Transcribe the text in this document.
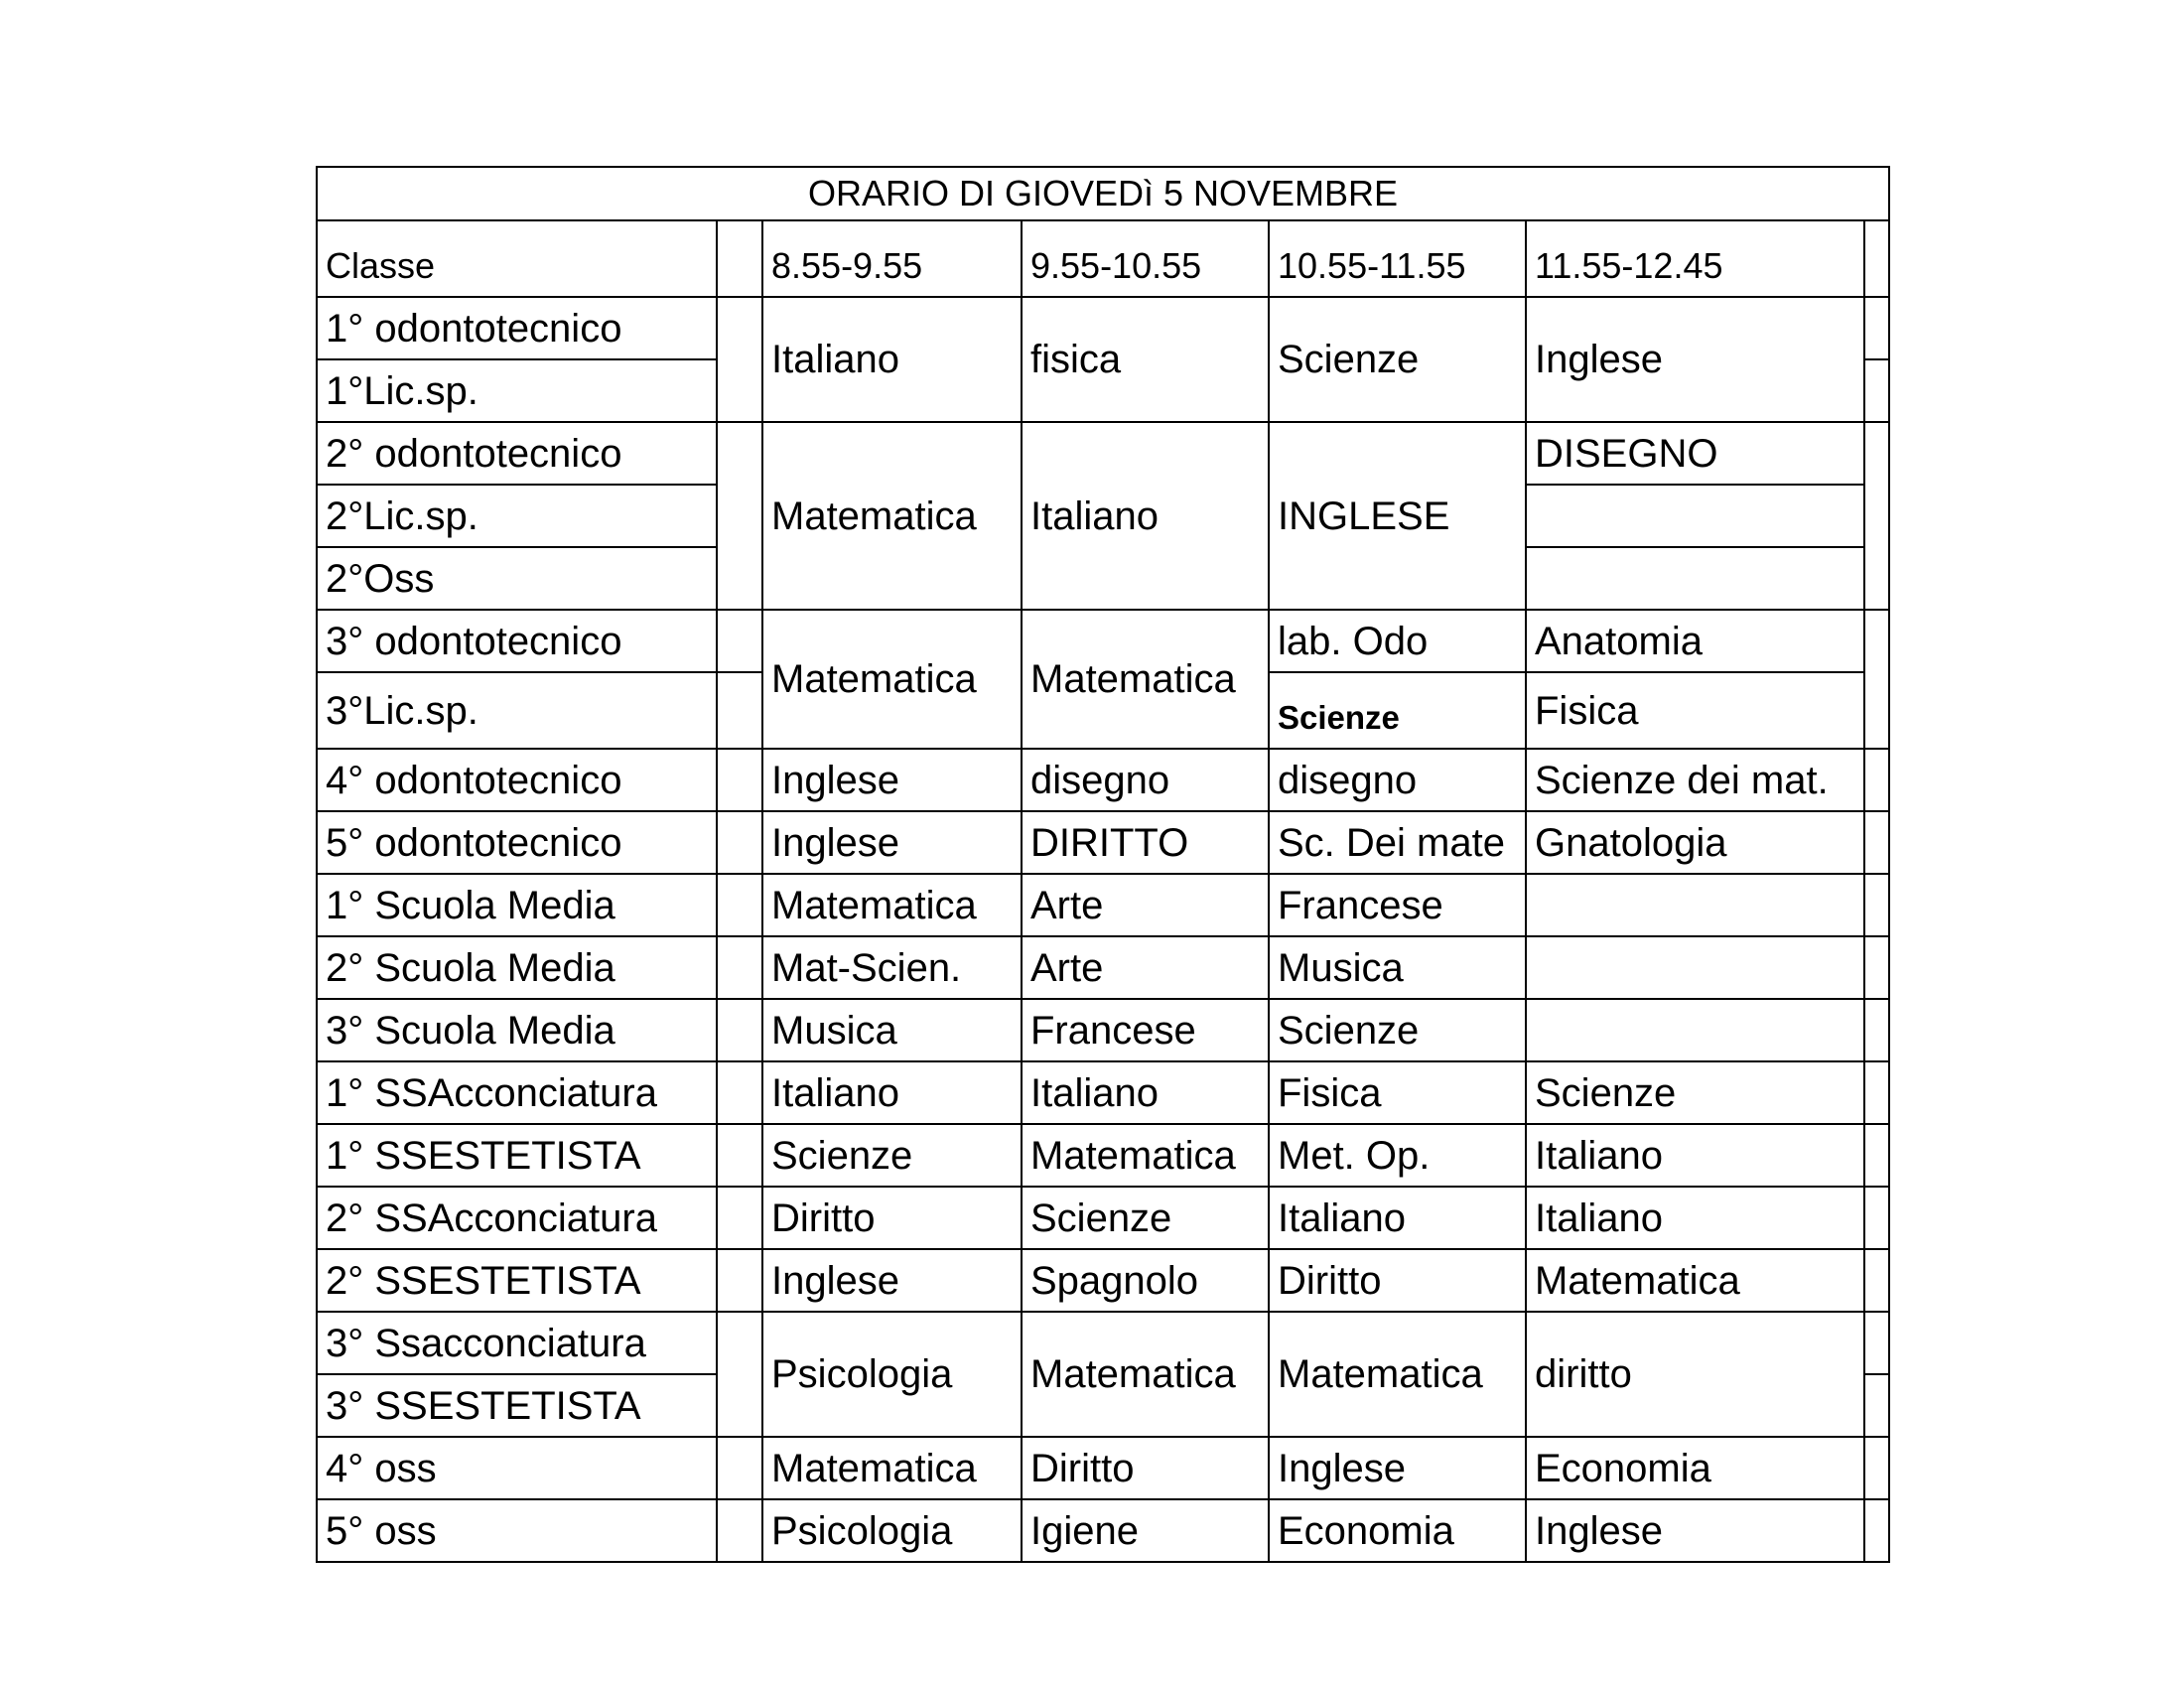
ORARIO DI GIOVEDì 5 NOVEMBRE						
Classe		8.55-9.55	9.55-10.55	10.55-11.55	11.55-12.45	
1° odontotecnico		Italiano	fisica	Scienze	Inglese	
1°Lic.sp.						
2° odontotecnico		Matematica	Italiano	INGLESE	DISEGNO	
2°Lic.sp.						
2°Oss						
3° odontotecnico		Matematica	Matematica	lab. Odo	Anatomia	
3°Lic.sp.				Scienze	Fisica	
4° odontotecnico		Inglese	disegno	disegno	Scienze dei mat.	
5° odontotecnico		Inglese	DIRITTO	Sc. Dei mate	Gnatologia	
1° Scuola Media		Matematica	Arte	Francese		
2° Scuola Media		Mat-Scien.	Arte	Musica		
3° Scuola Media		Musica	Francese	Scienze		
1° SSAcconciatura		Italiano	Italiano	Fisica	Scienze	
1° SSESTETISTA		Scienze	Matematica	Met. Op.	Italiano	
2° SSAcconciatura		Diritto	Scienze	Italiano	Italiano	
2° SSESTETISTA		Inglese	Spagnolo	Diritto	Matematica	
3° Ssacconciatura		Psicologia	Matematica	Matematica	diritto	
3° SSESTETISTA						
4° oss		Matematica	Diritto	Inglese	Economia	
5° oss		Psicologia	Igiene	Economia	Inglese	
